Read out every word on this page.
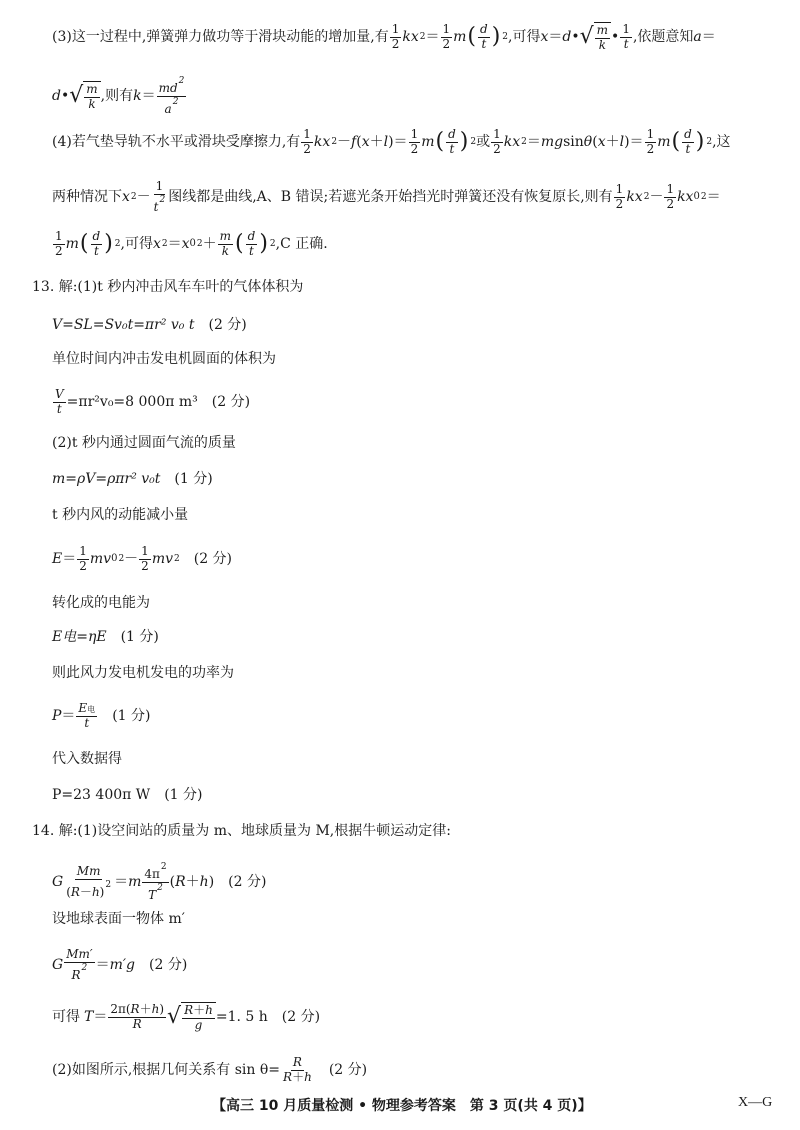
(3)这一过程中,弹簧弹力做功等于滑块动能的增加量,有 $\frac{1}{2}$ kx $2 = \frac{1}{2}$ m ( $\frac{d}{t}$ ) 2 ,可得 x ＝ d • √ $\frac{m}{k}$ • $\frac{1}{t}$ ,依题意知 a ＝
d • √ $\frac{m}{k}$ ,则有 $k = \frac{md^2}{a^2}$
(4)若气垫导轨不水平或滑块受摩擦力,有 $\frac{1}{2}$ kx 2 － f ( x ＋ l )＝ $\frac{1}{2}$ m ( $\frac{d}{t}$ ) 2 或 $\frac{1}{2}$ kx 2 ＝ mg sin θ ( x ＋ l )＝ $\frac{1}{2}$ m ( $\frac{d}{t}$ ) 2 ,这
两种情况下 x $2 - \frac{1}{t^2}$ 图线都是曲线,A、B 错误;若遮光条开始挡光时弹簧还没有恢复原长,则有 $\frac{1}{2}$ kx $2 - \frac{1}{2}$ kx 0 2 ＝
$\frac{1}{2}$ m ( $\frac{d}{t}$ ) 2 ,可得 x 2 ＝ x 0 $2 + \frac{m}{k}$ ( $\frac{d}{t}$ ) 2 ,C 正确.
13. 解:(1)t 秒内冲击风车车叶的气体体积为
V=SL=Sv₀t=πr² v₀ t (2 分)
单位时间内冲击发电机圆面的体积为
$\frac{V}{t} =\pi r^2v_0=8$ 000π m³ (2 分)
(2)t 秒内通过圆面气流的质量
m=ρV=ρπr² v₀t (1 分)
t 秒内风的动能减小量
$E = \frac{1}{2}$ mv 0 $2 - \frac{1}{2}$ mv 2 (2 分)
转化成的电能为
E电=ηE (1 分)
则此风力发电机发电的功率为
$P = \frac{\text{E电}}{t} (1$ 分)
代入数据得
P=23 400π W (1 分)
14. 解:(1)设空间站的质量为 m、地球质量为 M,根据牛顿运动定律:
G $\frac{Mm}{(R-h)^2} = m \frac{4\pi^2}{T^2} (R+h)$ (2 分)
设地球表面一物体 m′
G $\frac{Mm'}{R^2} = m'g$ (2 分)
可得 $T = \frac{2\pi(R+h)}{R}$ √ $\frac{R+h}{g} =1$. 5 h (2 分)
(2)如图所示,根据几何关系有 $\sin \theta= \frac{R}{R+h} (2$ 分)
【高三 10 月质量检测 • 物理参考答案　第 3 页(共 4 页)】	X—G
